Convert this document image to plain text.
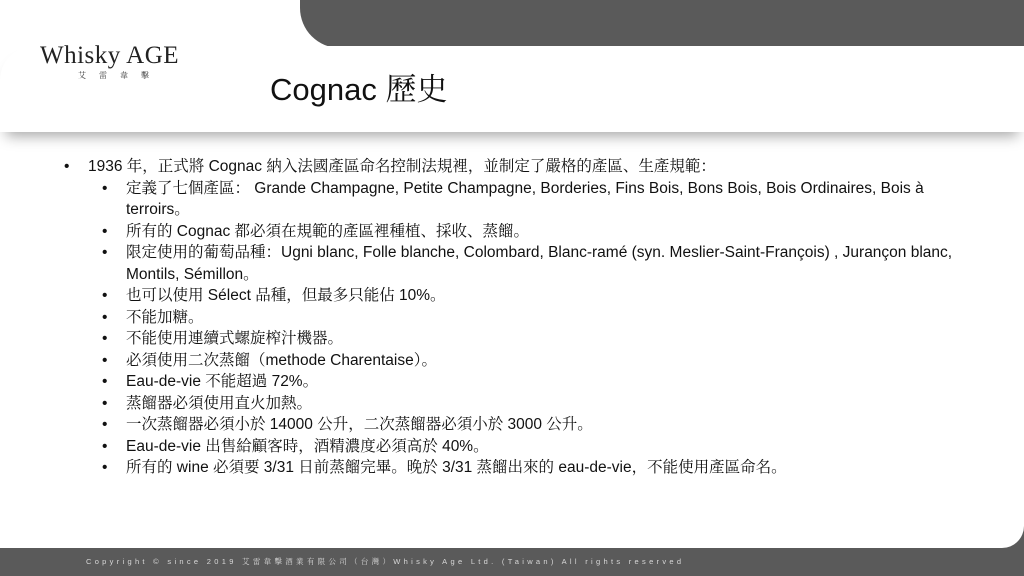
Whisky AGE
艾雷韋擊	Cognac 歷史
• 1936 年，正式將 Cognac 納入法國產區命名控制法規裡，並制定了嚴格的產區、生產規範：
• 定義了七個產區： Grande Champagne, Petite Champagne, Borderies, Fins Bois, Bons Bois, Bois Ordinaires, Bois à terroirs。
• 所有的 Cognac 都必須在規範的產區裡種植、採收、蒸餾。
• 限定使用的葡萄品種：Ugni blanc, Folle blanche, Colombard, Blanc-ramé (syn. Meslier-Saint-François) , Jurançon blanc, Montils, Sémillon。
• 也可以使用 Sélect 品種，但最多只能佔 10%。
• 不能加糖。
• 不能使用連續式螺旋榨汁機器。
• 必須使用二次蒸餾（methode Charentaise）。
• Eau-de-vie 不能超過 72%。
• 蒸餾器必須使用直火加熱。
• 一次蒸餾器必須小於 14000 公升，二次蒸餾器必須小於 3000 公升。
• Eau-de-vie 出售給顧客時，酒精濃度必須高於 40%。
• 所有的 wine 必須要 3/31 日前蒸餾完畢。晚於 3/31 蒸餾出來的 eau-de-vie，不能使用產區命名。
Copyright © since 2019 艾雷韋擊酒業有限公司（台灣）Whisky Age Ltd. (Taiwan) All rights reserved
